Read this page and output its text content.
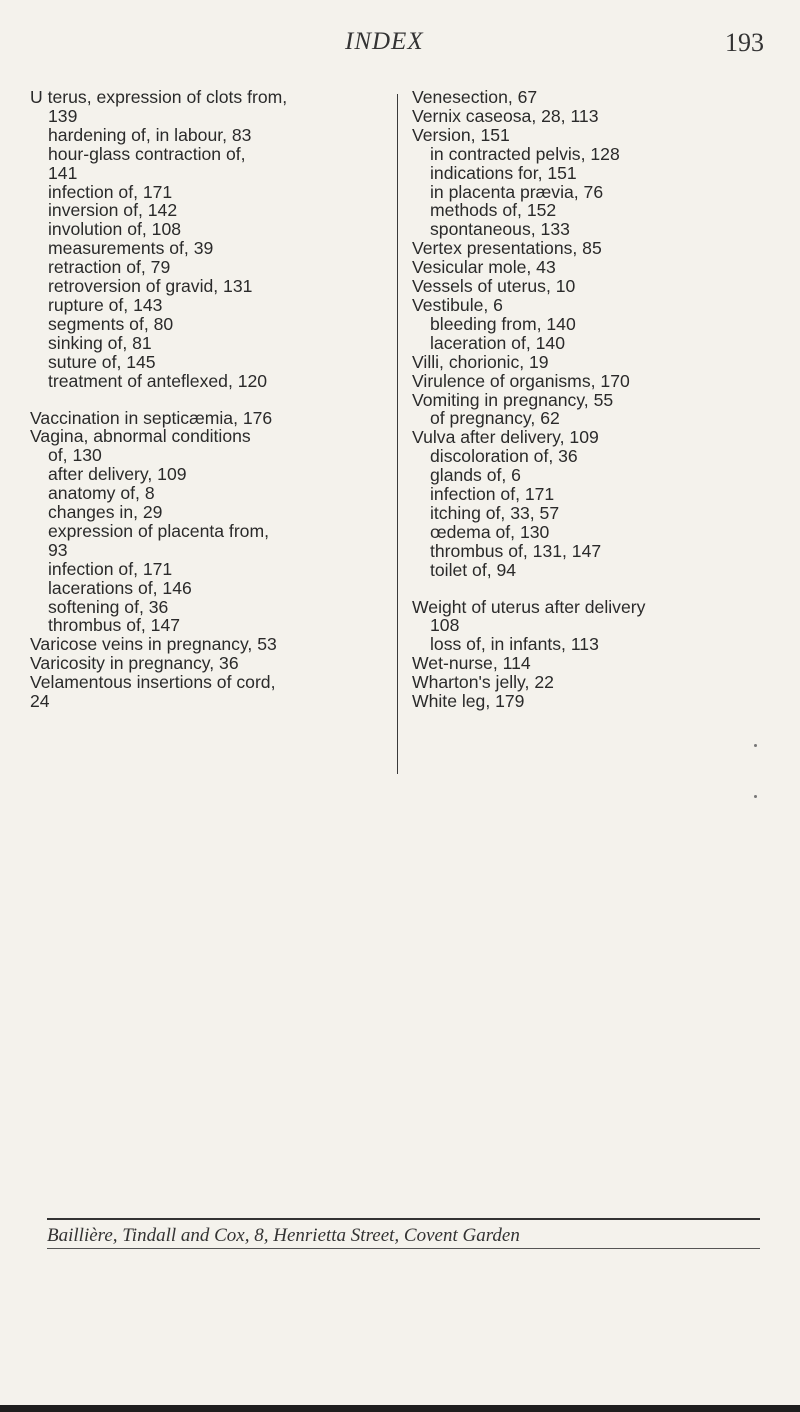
INDEX	193
U terus, expression of clots from,
139
hardening of, in labour, 83
hour-glass contraction of,
141
infection of, 171
inversion of, 142
involution of, 108
measurements of, 39
retraction of, 79
retroversion of gravid, 131
rupture of, 143
segments of, 80
sinking of, 81
suture of, 145
treatment of anteflexed, 120
Vaccination in septicæmia, 176
Vagina, abnormal conditions
of, 130
after delivery, 109
anatomy of, 8
changes in, 29
expression of placenta from,
93
infection of, 171
lacerations of, 146
softening of, 36
thrombus of, 147
Varicose veins in pregnancy, 53
Varicosity in pregnancy, 36
Velamentous insertions of cord,
24
Venesection, 67
Vernix caseosa, 28, 113
Version, 151
in contracted pelvis, 128
indications for, 151
in placenta prævia, 76
methods of, 152
spontaneous, 133
Vertex presentations, 85
Vesicular mole, 43
Vessels of uterus, 10
Vestibule, 6
bleeding from, 140
laceration of, 140
Villi, chorionic, 19
Virulence of organisms, 170
Vomiting in pregnancy, 55
of pregnancy, 62
Vulva after delivery, 109
discoloration of, 36
glands of, 6
infection of, 171
itching of, 33, 57
œdema of, 130
thrombus of, 131, 147
toilet of, 94
Weight of uterus after delivery
108
loss of, in infants, 113
Wet-nurse, 114
Wharton's jelly, 22
White leg, 179
Baillière, Tindall and Cox, 8, Henrietta Street, Covent Garden
